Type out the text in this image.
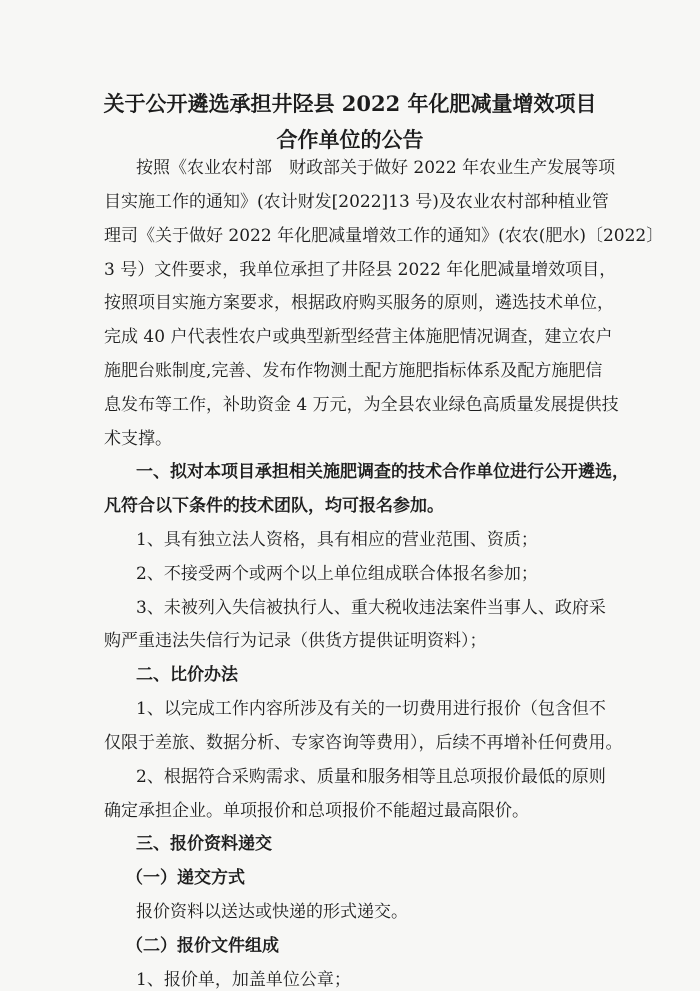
关于公开遴选承担井陉县 2022 年化肥减量增效项目
合作单位的公告
按照《农业农村部　财政部关于做好 2022 年农业生产发展等项
目实施工作的通知》(农计财发[2022]13 号)及农业农村部种植业管
理司《关于做好 2022 年化肥减量增效工作的通知》(农农(肥水)〔2022〕
3 号）文件要求，我单位承担了井陉县 2022 年化肥减量增效项目，
按照项目实施方案要求，根据政府购买服务的原则，遴选技术单位，
完成 40 户代表性农户或典型新型经营主体施肥情况调查，建立农户
施肥台账制度,完善、发布作物测土配方施肥指标体系及配方施肥信
息发布等工作，补助资金 4 万元，为全县农业绿色高质量发展提供技
术支撑。
一、拟对本项目承担相关施肥调查的技术合作单位进行公开遴选，
凡符合以下条件的技术团队，均可报名参加。
1、具有独立法人资格，具有相应的营业范围、资质；
2、不接受两个或两个以上单位组成联合体报名参加；
3、未被列入失信被执行人、重大税收违法案件当事人、政府采
购严重违法失信行为记录（供货方提供证明资料）；
二、比价办法
1、以完成工作内容所涉及有关的一切费用进行报价（包含但不
仅限于差旅、数据分析、专家咨询等费用），后续不再增补任何费用。
2、根据符合采购需求、质量和服务相等且总项报价最低的原则
确定承担企业。单项报价和总项报价不能超过最高限价。
三、报价资料递交
（一）递交方式
报价资料以送达或快递的形式递交。
（二）报价文件组成
1、报价单，加盖单位公章；
